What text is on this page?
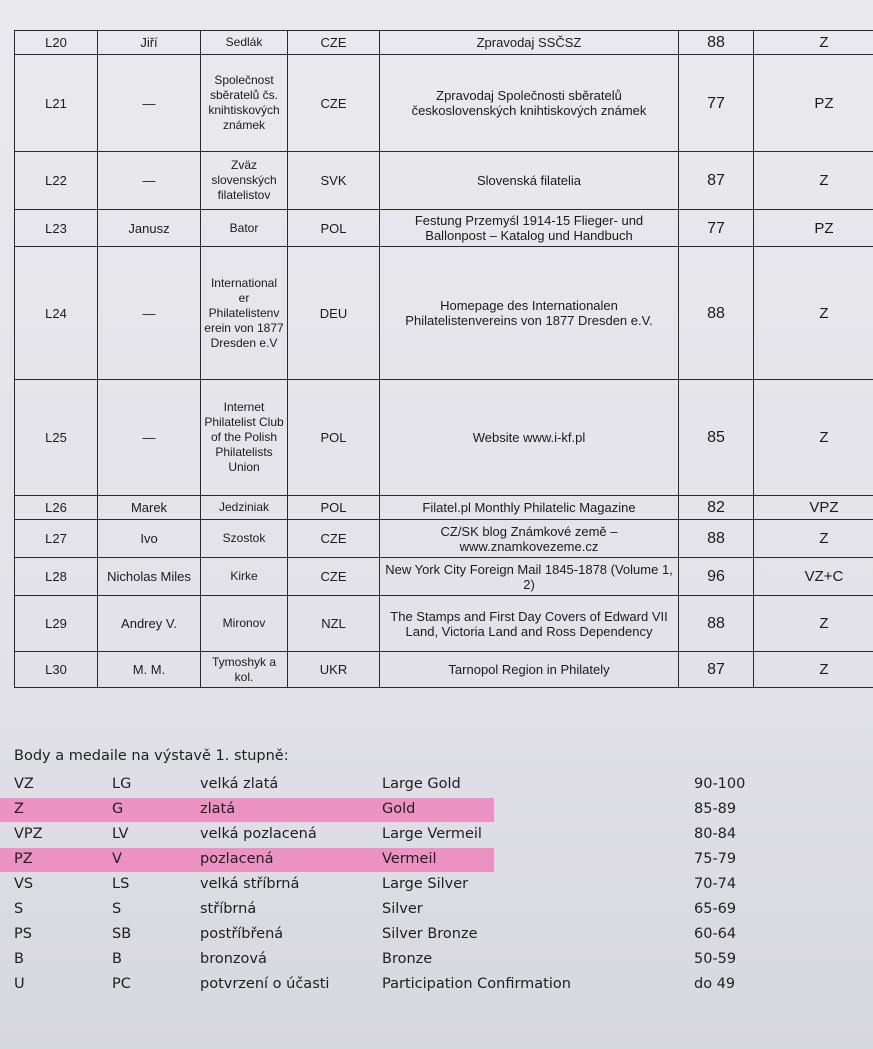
L20	Jiří	Sedlák	CZE	Zpravodaj SSČSZ	88	Z
L21	—	Společnost sběratelů čs. knihtiskových známek	CZE	Zpravodaj Společnosti sběratelů československých knihtiskových známek	77	PZ
L22	—	Zväz slovenských filatelistov	SVK	Slovenská filatelia	87	Z
L23	Janusz	Bator	POL	Festung Przemyśl 1914-15 Flieger- und Ballonpost – Katalog und Handbuch	77	PZ
L24	—	International er Philatelistenv erein von 1877 Dresden e.V	DEU	Homepage des Internationalen Philatelistenvereins von 1877 Dresden e.V.	88	Z
L25	—	Internet Philatelist Club of the Polish Philatelists Union	POL	Website www.i-kf.pl	85	Z
L26	Marek	Jedziniak	POL	Filatel.pl Monthly Philatelic Magazine	82	VPZ
L27	Ivo	Szostok	CZE	CZ/SK blog Známkové země – www.znamkovezeme.cz	88	Z
L28	Nicholas Miles	Kirke	CZE	New York City Foreign Mail 1845-1878 (Volume 1, 2)	96	VZ+C
L29	Andrey V.	Mironov	NZL	The Stamps and First Day Covers of Edward VII Land, Victoria Land and Ross Dependency	88	Z
L30	M. M.	Tymoshyk a kol.	UKR	Tarnopol Region in Philately	87	Z
Body a medaile na výstavě 1. stupně:
VZ	LG	velká zlatá	Large Gold	90-100
Z	G	zlatá	Gold	85-89
VPZ	LV	velká pozlacená	Large Vermeil	80-84
PZ	V	pozlacená	Vermeil	75-79
VS	LS	velká stříbrná	Large Silver	70-74
S	S	stříbrná	Silver	65-69
PS	SB	postříbřená	Silver Bronze	60-64
B	B	bronzová	Bronze	50-59
U	PC	potvrzení o účasti	Participation Confirmation	do 49
